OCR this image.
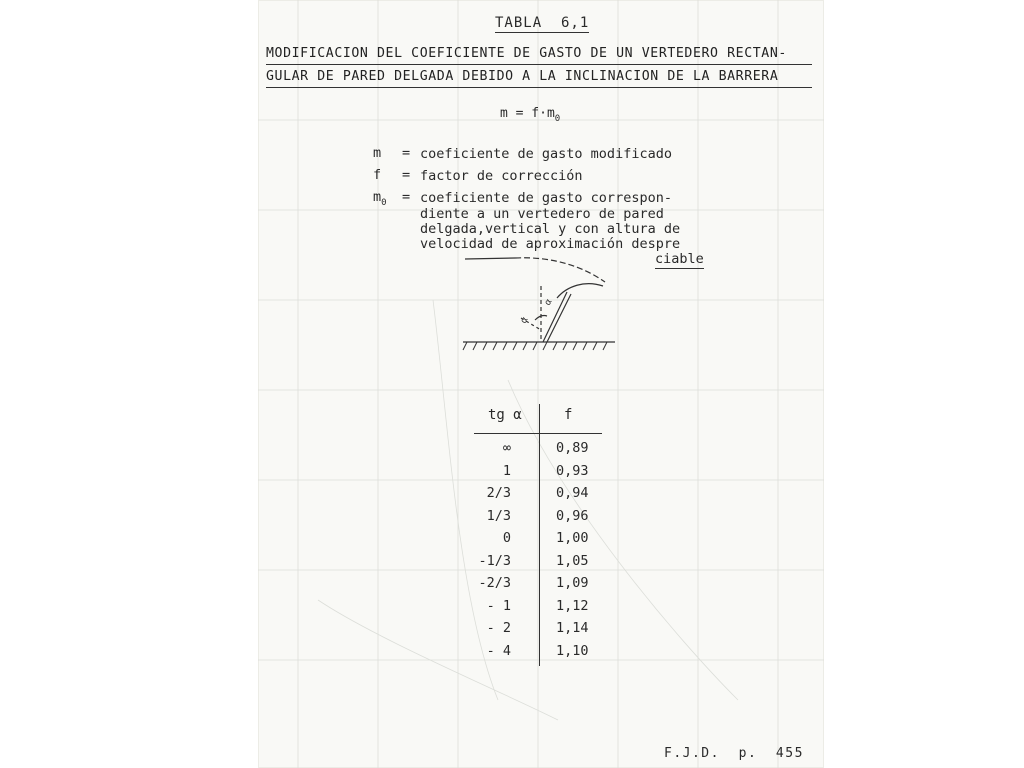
TABLA  6,1
MODIFICACION DEL COEFICIENTE DE GASTO DE UN VERTEDERO RECTAN-
GULAR DE PARED DELGADA DEBIDO A LA INCLINACION DE LA BARRERA
$m = f\cdot m_0$
m = coeficiente de gasto modificado
f = factor de corrección
$m_0$ = coeficiente de gasto correspon-
diente a un vertedero de pared
delgada,vertical y con altura de
velocidad de aproximación despre
ciable
α
α
tg α	f
∞	0,89
1	0,93
2/3	0,94
1/3	0,96
0	1,00
-1/3	1,05
-2/3	1,09
- 1	1,12
- 2	1,14
- 4	1,10
F.J.D.  p.  455
